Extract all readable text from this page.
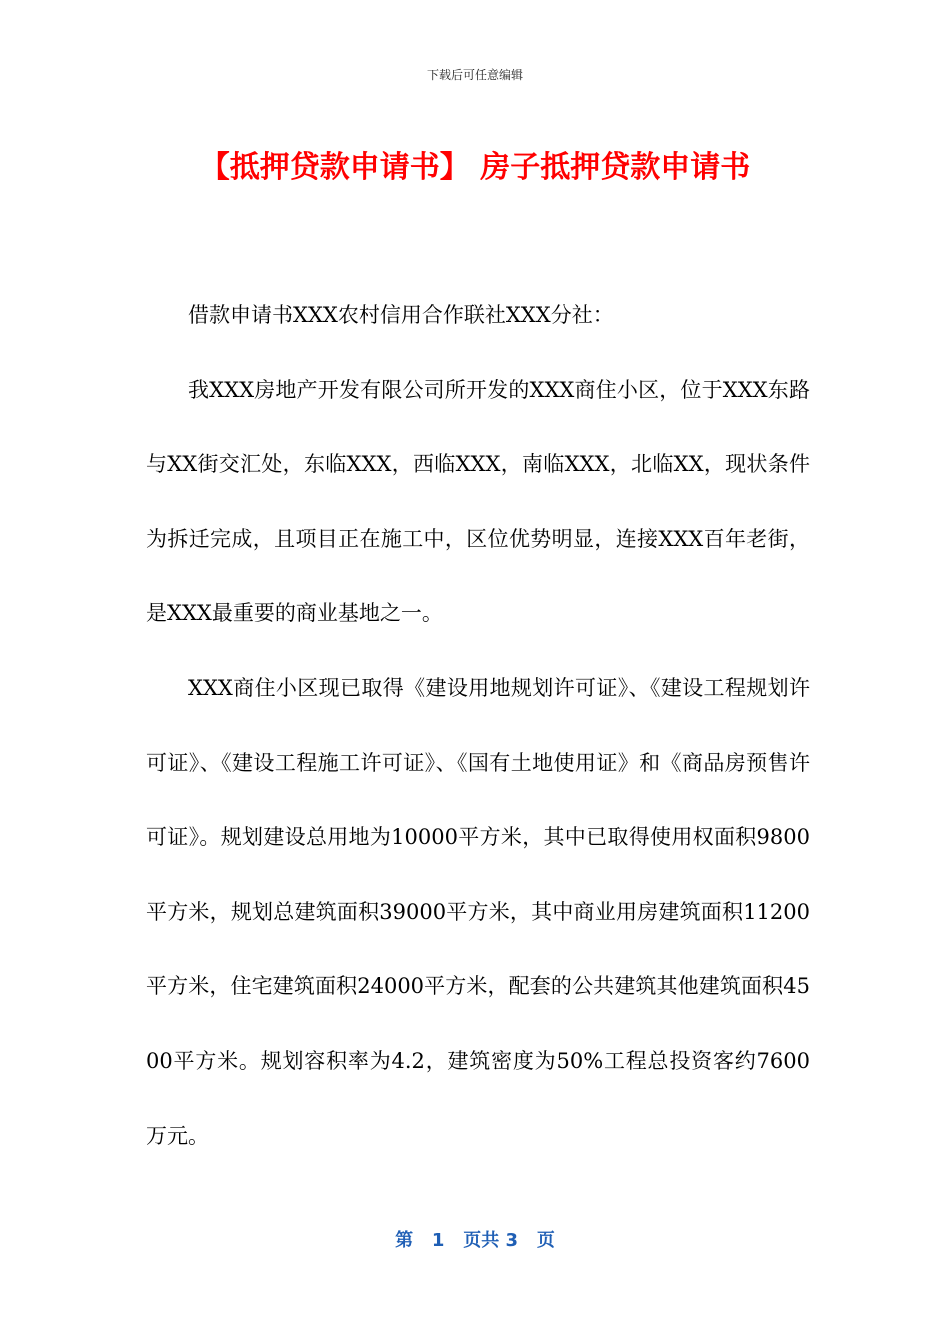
下载后可任意编辑
【抵押贷款申请书】 房子抵押贷款申请书

借款申请书XXX农村信用合作联社XXX分社：

我XXX房地产开发有限公司所开发的XXX商住小区，位于XXX东路与XX街交汇处，东临XXX，西临XXX，南临XXX，北临XX，现状条件为拆迁完成，且项目正在施工中，区位优势明显，连接XXX百年老街，是XXX最重要的商业基地之一。

XXX商住小区现已取得《建设用地规划许可证》、《建设工程规划许可证》、《建设工程施工许可证》、《国有土地使用证》和《商品房预售许可证》。规划建设总用地为10000平方米，其中已取得使用权面积9800平方米，规划总建筑面积39000平方米，其中商业用房建筑面积11200平方米，住宅建筑面积24000平方米，配套的公共建筑其他建筑面积4500平方米。规划容积率为4.2，建筑密度为50%工程总投资客约7600万元。

第 1 页共 3 页
